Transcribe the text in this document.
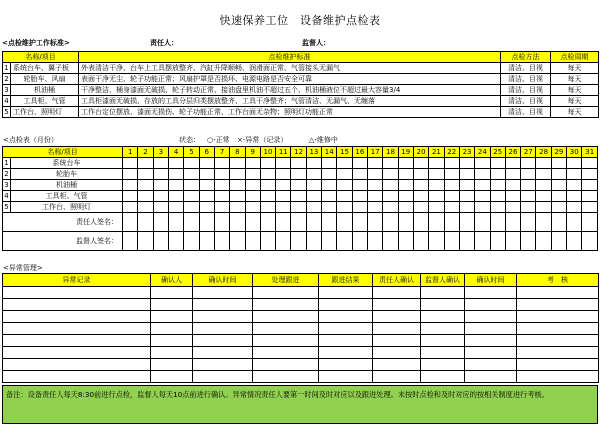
快速保养工位　设备维护点检表
<点检维护工作标准>	责任人：	监督人：
名称/项目		点检维护标准	点检方法	点检周期
1	系统台车、翼子板	外表清洁干净、台车上工具摆放整齐、汽缸升降顺畅、润滑面正常、气管接头无漏气	清洁、目视	每天
2	轮胎车、风扇	表面干净无尘、轮子功能正常；风扇护罩是否损坏、电源电路是否安全可靠	清洁、目视	每天
3	机油桶	干净整洁、桶身漆面无破损、轮子转动正常、接油盘里机油不超过五个、机油桶液位不超过最大容量3/4	清洁、目视	每天
4	工具柜、气管	工具柜漆面无破损、存放的工具分层归类摆放整齐、工具干净整齐；气管清洁、无漏气、无缠落	清洁、目视	每天
5	工作台、照明灯	工作台定位摆放、漆面无损伤、轮子功能正常、工作台面无杂物；照明灯功能正常	清洁、目视	每天
<点检表（月份）	状态： ○-正常 ×-异常（记录）	△-维修中
名称/项目		1	2	3	4	5	6	7	8	9	10	11	12	13	14	15	16	17	18	19	20	21	22	23	24	25	26	27	28	29	30	31
1	系统台车																															
2	轮胎车																															
3	机油桶																															
4	工具柜、气管																															
5	工作台、照明灯																															
责任人签名：																																
监督人签名：																																
<异常管理>
异常记录	确认人	确认时间	处理跟进	跟进结果	责任人确认	监督人确认	确认时间	考　核

备注：设备责任人每天8:30前进行点检，监督人每天10点前进行确认。异常情况责任人要第一时间及时对应以及跟进处理。未按时点检和及时对应的按相关制度进行考核。
